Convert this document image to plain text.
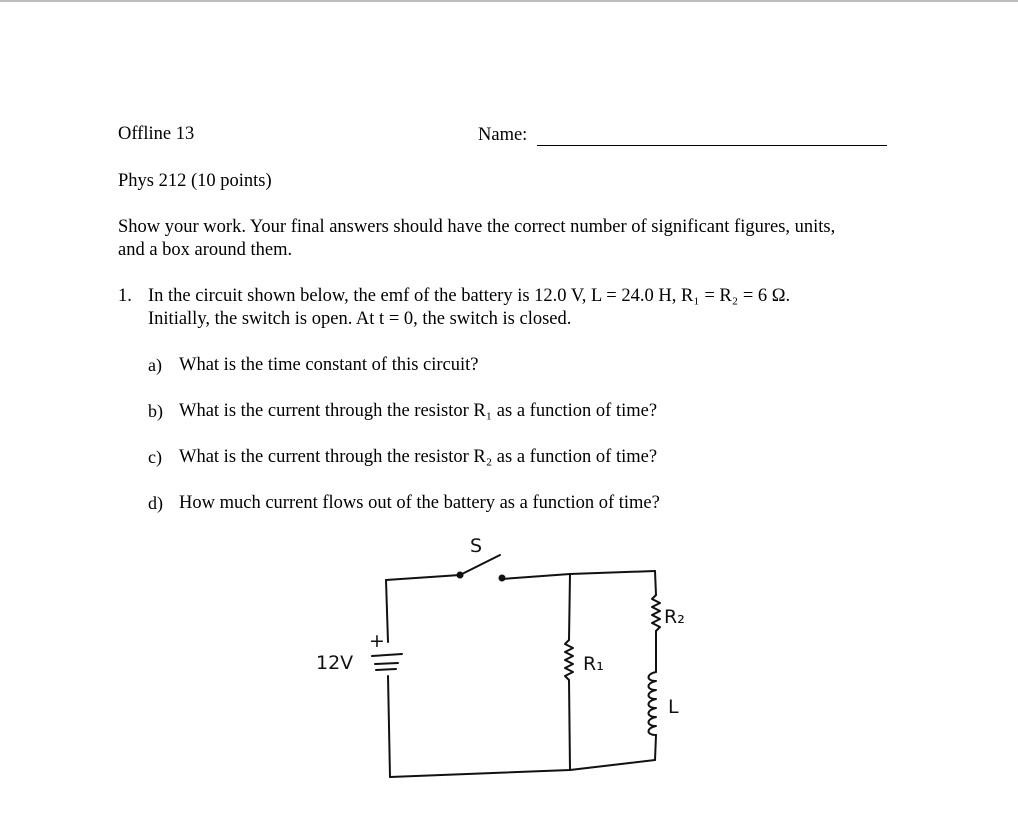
Offline 13	Name:
Phys 212 (10 points)
Show your work. Your final answers should have the correct number of significant figures, units,
and a box around them.
1. In the circuit shown below, the emf of the battery is 12.0 V, L = 24.0 H, R₁ = R₂ = 6 Ω.
Initially, the switch is open. At t = 0, the switch is closed.
a) What is the time constant of this circuit?
b) What is the current through the resistor R₁ as a function of time?
c) What is the current through the resistor R₂ as a function of time?
d) How much current flows out of the battery as a function of time?
S
+
12V	R₁
R₂
L
